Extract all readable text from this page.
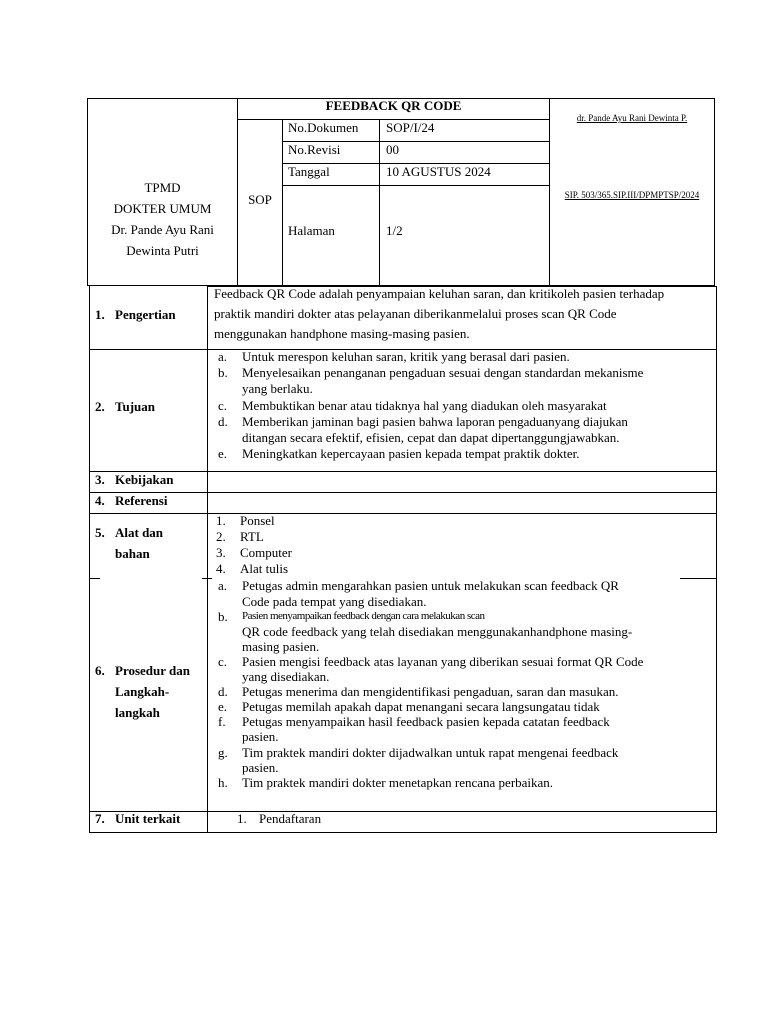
TPMD
DOKTER UMUM
Dr. Pande Ayu Rani
Dewinta Putri
FEEDBACK QR CODE
SOP
No.Dokumen SOP/I/24
No.Revisi	00
Tanggal	10 AGUSTUS 2024
Halaman	1/2
dr. Pande Ayu Rani Dewinta P.
SIP. 503/365.SIP.III/DPMPTSP/2024
1. Pengertian
Feedback QR Code adalah penyampaian keluhan saran, dan kritikoleh pasien terhadap
praktik mandiri dokter atas pelayanan diberikanmelalui proses scan QR Code
menggunakan handphone masing-masing pasien.
2. Tujuan
a. Untuk merespon keluhan saran, kritik yang berasal dari pasien.
b. Menyelesaikan penanganan pengaduan sesuai dengan standardan mekanisme
yang berlaku.
c. Membuktikan benar atau tidaknya hal yang diadukan oleh masyarakat
d. Memberikan jaminan bagi pasien bahwa laporan pengaduanyang diajukan
ditangan secara efektif, efisien, cepat dan dapat dipertanggungjawabkan.
e. Meningkatkan kepercayaan pasien kepada tempat praktik dokter.
3. Kebijakan
4. Referensi
5. Alat dan
bahan
1. Ponsel
2. RTL
3. Computer
4. Alat tulis
6. Prosedur dan
Langkah-
langkah
a. Petugas admin mengarahkan pasien untuk melakukan scan feedback QR
Code pada tempat yang disediakan.
b. Pasien menyampaikan feedback dengan cara melakukan scan
QR code feedback yang telah disediakan menggunakanhandphone masing-
masing pasien.
c. Pasien mengisi feedback atas layanan yang diberikan sesuai format QR Code
yang disediakan.
d. Petugas menerima dan mengidentifikasi pengaduan, saran dan masukan.
e. Petugas memilah apakah dapat menangani secara langsungatau tidak
f. Petugas menyampaikan hasil feedback pasien kepada catatan feedback
pasien.
g. Tim praktek mandiri dokter dijadwalkan untuk rapat mengenai feedback
pasien.
h. Tim praktek mandiri dokter menetapkan rencana perbaikan.
7. Unit terkait	1. Pendaftaran
